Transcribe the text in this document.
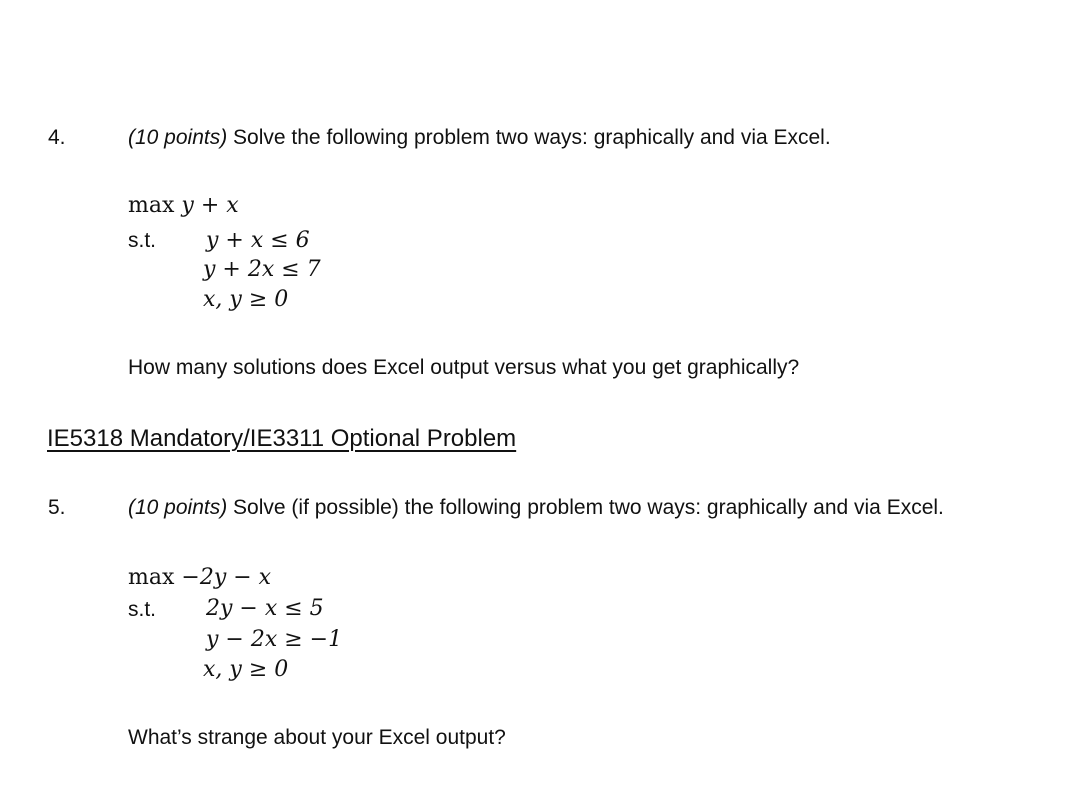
4.	(10 points) Solve the following problem two ways: graphically and via Excel.
max y + x
s.t. y + x ≤ 6
y + 2x ≤ 7
x, y ≥ 0
How many solutions does Excel output versus what you get graphically?
IE5318 Mandatory/IE3311 Optional Problem
5.	(10 points) Solve (if possible) the following problem two ways: graphically and via Excel.
max −2y − x
s.t. 2y − x ≤ 5
y − 2x ≥ −1
x, y ≥ 0
What’s strange about your Excel output?
